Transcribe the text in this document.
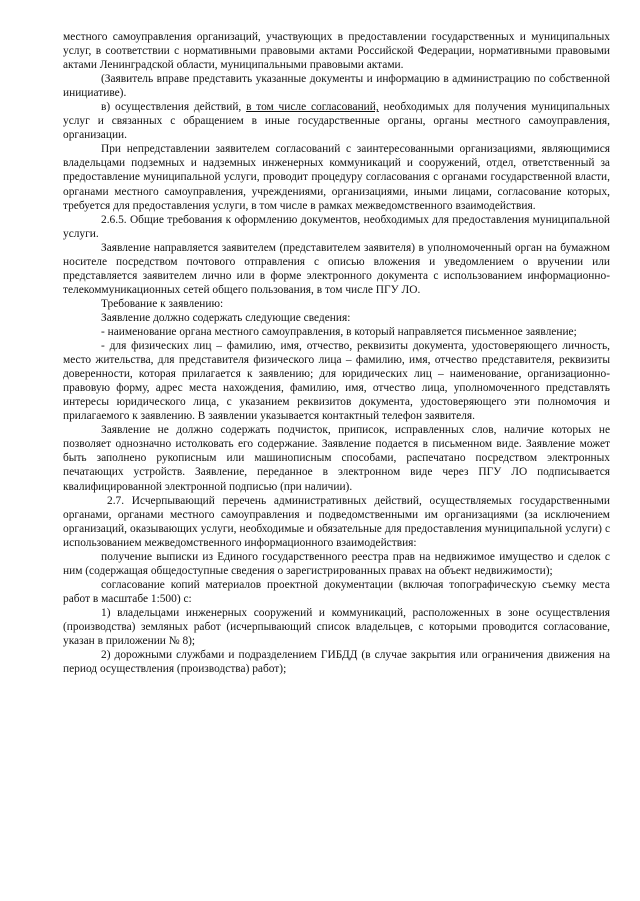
местного самоуправления организаций, участвующих в предоставлении государственных и муниципальных услуг, в соответствии с нормативными правовыми актами Российской Федерации, нормативными правовыми актами Ленинградской области, муниципальными правовыми актами.

(Заявитель вправе представить указанные документы и информацию в администрацию по собственной инициативе).

в) осуществления действий, в том числе согласований, необходимых для получения муниципальных услуг и связанных с обращением в иные государственные органы, органы местного самоуправления, организации.

При непредставлении заявителем согласований с заинтересованными организациями, являющимися владельцами подземных и надземных инженерных коммуникаций и сооружений, отдел, ответственный за предоставление муниципальной услуги, проводит процедуру согласования с органами государственной власти, органами местного самоуправления, учреждениями, организациями, иными лицами, согласование которых, требуется для предоставления услуги, в том числе в рамках межведомственного взаимодействия.

2.6.5. Общие требования к оформлению документов, необходимых для предоставления муниципальной услуги.

Заявление направляется заявителем (представителем заявителя) в уполномоченный орган на бумажном носителе посредством почтового отправления с описью вложения и уведомлением о вручении или представляется заявителем лично или в форме электронного документа с использованием информационно-телекоммуникационных сетей общего пользования, в том числе ПГУ ЛО.

Требование к заявлению:

Заявление должно содержать следующие сведения:

- наименование органа местного самоуправления, в который направляется письменное заявление;

- для физических лиц – фамилию, имя, отчество, реквизиты документа, удостоверяющего личность, место жительства, для представителя физического лица – фамилию, имя, отчество представителя, реквизиты доверенности, которая прилагается к заявлению; для юридических лиц – наименование, организационно-правовую форму, адрес места нахождения, фамилию, имя, отчество лица, уполномоченного представлять интересы юридического лица, с указанием реквизитов документа, удостоверяющего эти полномочия и прилагаемого к заявлению. В заявлении указывается контактный телефон заявителя.

Заявление не должно содержать подчисток, приписок, исправленных слов, наличие которых не позволяет однозначно истолковать его содержание. Заявление подается в письменном виде. Заявление может быть заполнено рукописным или машинописным способами, распечатано посредством электронных печатающих устройств. Заявление, переданное в электронном виде через ПГУ ЛО подписывается квалифицированной электронной подписью (при наличии).

2.7. Исчерпывающий перечень административных действий, осуществляемых государственными органами, органами местного самоуправления и подведомственными им организациями (за исключением организаций, оказывающих услуги, необходимые и обязательные для предоставления муниципальной услуги) с использованием межведомственного информационного взаимодействия:

получение выписки из Единого государственного реестра прав на недвижимое имущество и сделок с ним (содержащая общедоступные сведения о зарегистрированных правах на объект недвижимости);

согласование копий материалов проектной документации (включая топографическую съемку места работ в масштабе 1:500) с:

1) владельцами инженерных сооружений и коммуникаций, расположенных в зоне осуществления (производства) земляных работ (исчерпывающий список владельцев, с которыми проводится согласование, указан в приложении № 8);

2) дорожными службами и подразделением ГИБДД (в случае закрытия или ограничения движения на период осуществления (производства) работ);
